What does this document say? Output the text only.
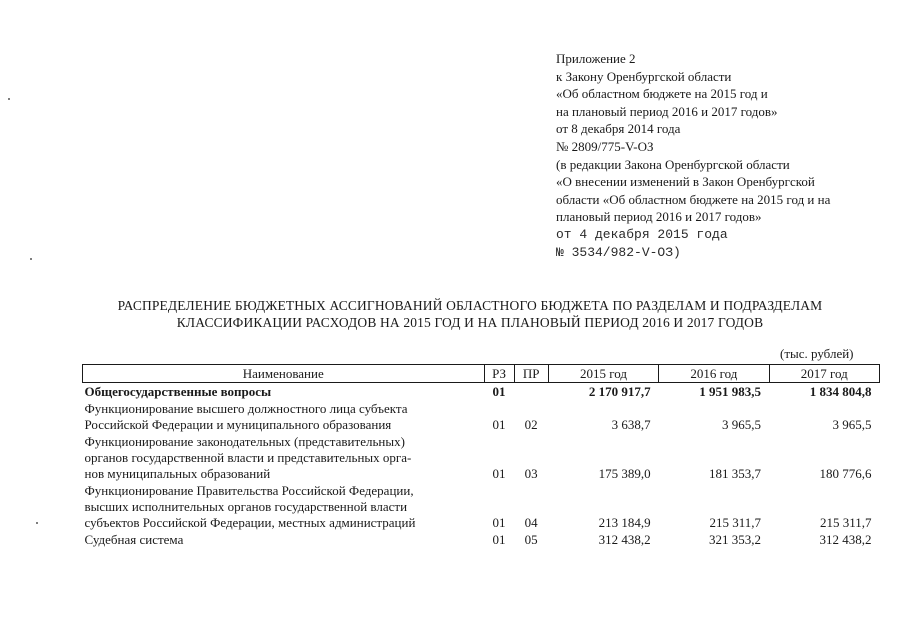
Приложение 2
к Закону Оренбургской области
«Об областном бюджете на 2015 год и
на плановый период 2016 и 2017 годов»
от 8 декабря 2014 года
№ 2809/775-V-ОЗ
(в редакции Закона Оренбургской области
«О внесении изменений в Закон Оренбургской
области «Об областном бюджете на 2015 год и на
плановый период 2016 и 2017 годов»
от 4 декабря 2015 года
№ 3534/982-V-ОЗ)
РАСПРЕДЕЛЕНИЕ БЮДЖЕТНЫХ АССИГНОВАНИЙ ОБЛАСТНОГО БЮДЖЕТА ПО РАЗДЕЛАМ И ПОДРАЗДЕЛАМ
КЛАССИФИКАЦИИ РАСХОДОВ НА 2015 ГОД И НА ПЛАНОВЫЙ ПЕРИОД 2016 И 2017 ГОДОВ
(тыс. рублей)
Наименование	РЗ	ПР	2015 год	2016 год	2017 год

Общегосударственные вопросы	01		2 170 917,7	1 951 983,5	1 834 804,8

Функционирование высшего должностного лица субъекта
Российской Федерации и муниципального образования	01	02	3 638,7	3 965,5	3 965,5

Функционирование законодательных (представительных)
органов государственной власти и представительных орга-
нов муниципальных образований	01	03	175 389,0	181 353,7	180 776,6

Функционирование Правительства Российской Федерации,
высших исполнительных органов государственной власти
субъектов Российской Федерации, местных администраций	01	04	213 184,9	215 311,7	215 311,7

Судебная система	01	05	312 438,2	321 353,2	312 438,2
